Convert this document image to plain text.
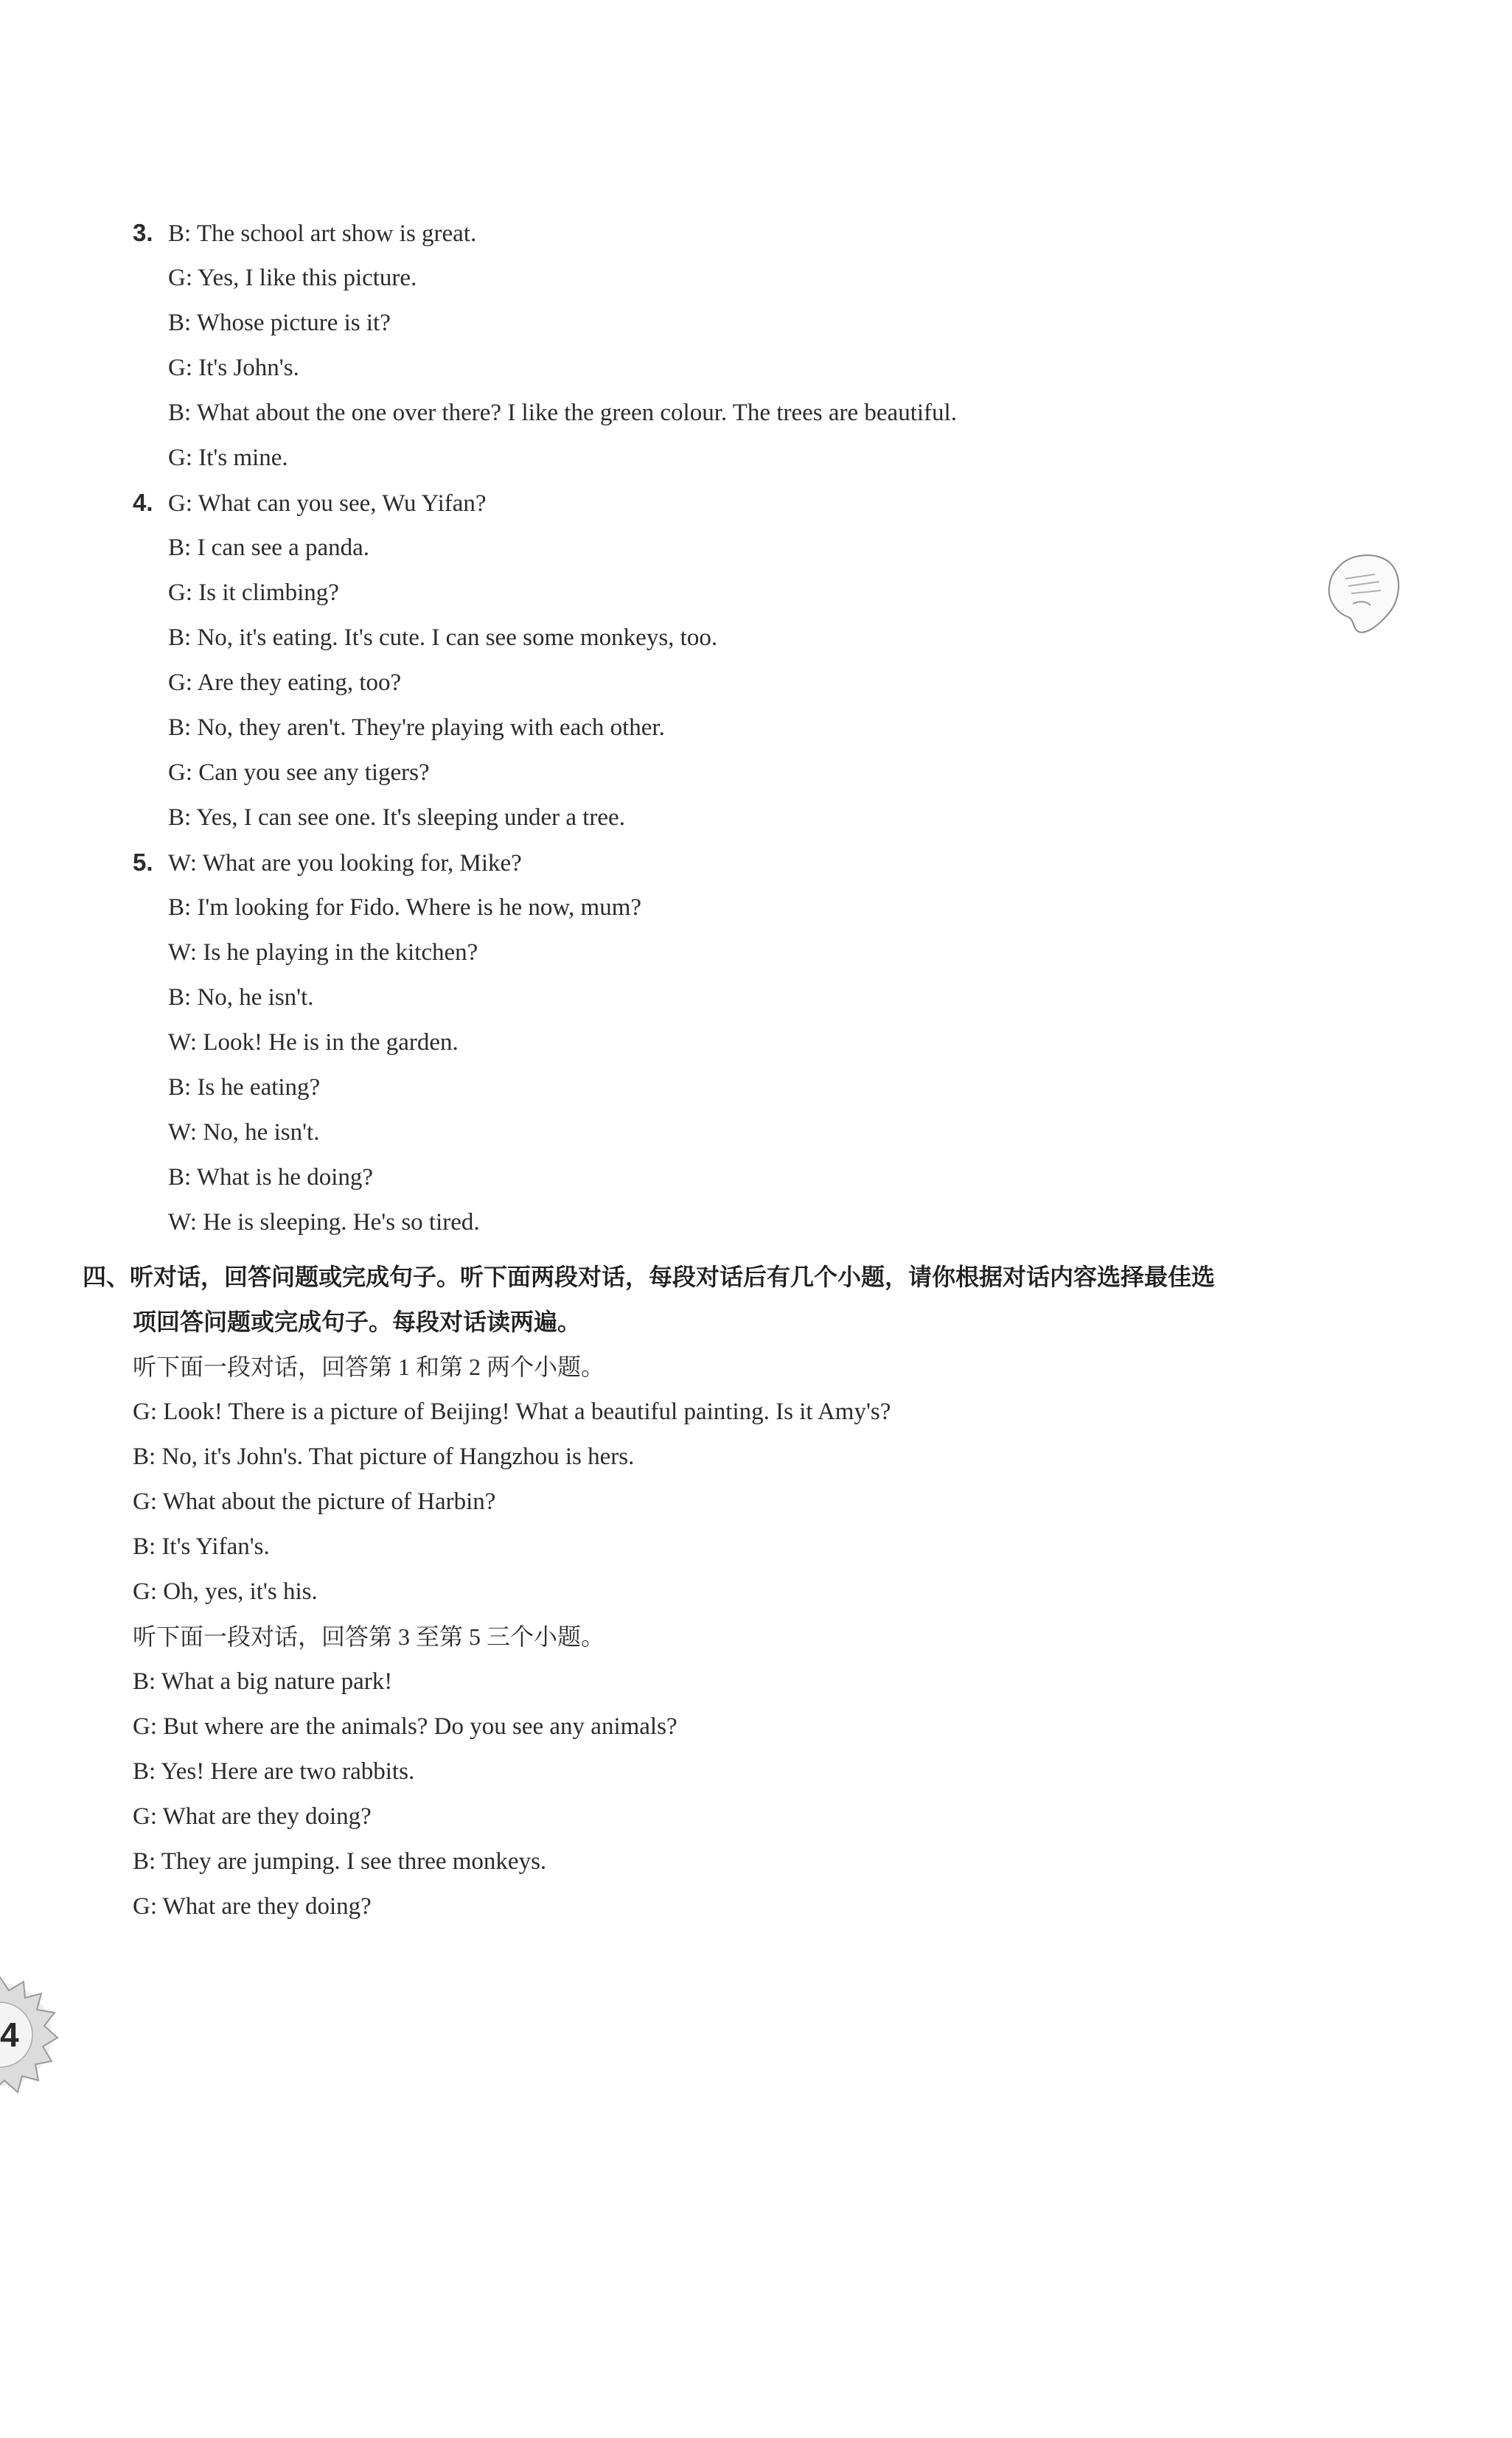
3. B: The school art show is great.
G: Yes, I like this picture.
B: Whose picture is it?
G: It's John's.
B: What about the one over there? I like the green colour. The trees are beautiful.
G: It's mine.
4. G: What can you see, Wu Yifan?
B: I can see a panda.
G: Is it climbing?
B: No, it's eating. It's cute. I can see some monkeys, too.
G: Are they eating, too?
B: No, they aren't. They're playing with each other.
G: Can you see any tigers?
B: Yes, I can see one. It's sleeping under a tree.
5. W: What are you looking for, Mike?
B: I'm looking for Fido. Where is he now, mum?
W: Is he playing in the kitchen?
B: No, he isn't.
W: Look! He is in the garden.
B: Is he eating?
W: No, he isn't.
B: What is he doing?
W: He is sleeping. He's so tired.
四、听对话，回答问题或完成句子。听下面两段对话，每段对话后有几个小题，请你根据对话内容选择最佳选
项回答问题或完成句子。每段对话读两遍。
听下面一段对话，回答第 1 和第 2 两个小题。
G: Look! There is a picture of Beijing! What a beautiful painting. Is it Amy's?
B: No, it's John's. That picture of Hangzhou is hers.
G: What about the picture of Harbin?
B: It's Yifan's.
G: Oh, yes, it's his.
听下面一段对话，回答第 3 至第 5 三个小题。
B: What a big nature park!
G: But where are the animals? Do you see any animals?
B: Yes! Here are two rabbits.
G: What are they doing?
B: They are jumping. I see three monkeys.
G: What are they doing?
4
